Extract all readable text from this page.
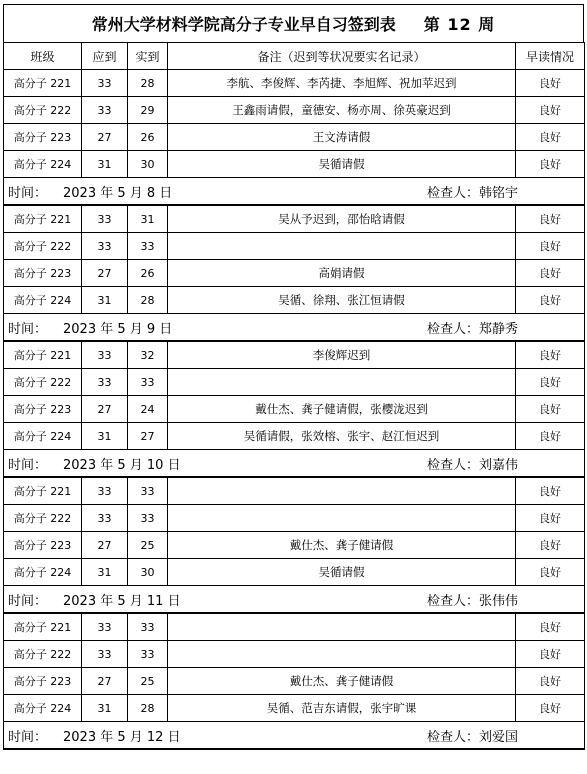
常州大学材料学院高分子专业早自习签到表 第 12 周
班级	应到	实到	备注（迟到等状况要实名记录）	早读情况
高分子 221	33	28	李航、李俊辉、李芮捷、李旭辉、祝加苹迟到	良好
高分子 222	33	29	王鑫雨请假，童德安、杨亦周、徐英豪迟到	良好
高分子 223	27	26	王文涛请假	良好
高分子 224	31	30	吴循请假	良好

时间： 2023 年 5 月 8 日 检查人：韩铭宇				

高分子 221	33	31	吴从予迟到，邵怡晗请假	良好
高分子 222	33	33		良好
高分子 223	27	26	高娟请假	良好
高分子 224	31	28	吴循、徐翔、张江恒请假	良好

时间： 2023 年 5 月 9 日 检查人：郑静秀				

高分子 221	33	32	李俊辉迟到	良好
高分子 222	33	33		良好
高分子 223	27	24	戴仕杰、龚子健请假，张樱泷迟到	良好
高分子 224	31	27	吴循请假，张效榕、张宇、赵江恒迟到	良好

时间： 2023 年 5 月 10 日 检查人：刘嘉伟				

高分子 221	33	33		良好
高分子 222	33	33		良好
高分子 223	27	25	戴仕杰、龚子健请假	良好
高分子 224	31	30	吴循请假	良好

时间： 2023 年 5 月 11 日 检查人：张伟伟				

高分子 221	33	33		良好
高分子 222	33	33		良好
高分子 223	27	25	戴仕杰、龚子健请假	良好
高分子 224	31	28	吴循、范吉东请假，张宇旷课	良好

时间： 2023 年 5 月 12 日 检查人：刘爱国				
